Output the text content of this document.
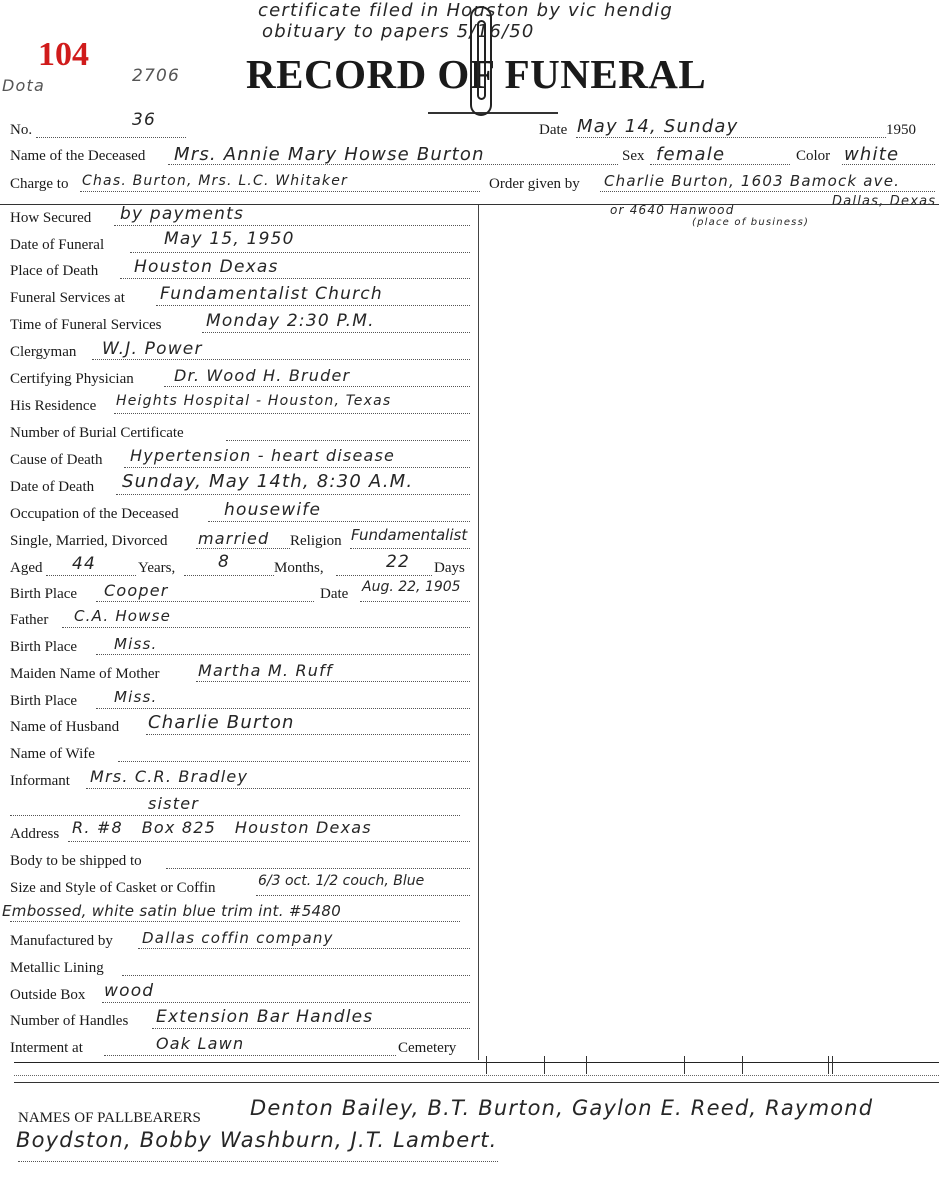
certificate filed in Houston by vic hendig
obituary to papers 5/16/50
104
Dota	2706 RECORD OF FUNERAL
No.	36	Date May 14, Sunday	1950
Name of the Deceased Mrs. Annie Mary Howse Burton	Sex female	Color white
Charge to Chas. Burton, Mrs. L.C. Whitaker	Order given by Charlie Burton, 1603 Bamock ave.
Dallas, Dexas
or 4640 Hanwood
(place of business)
How Secured by payments
Date of Funeral	May 15, 1950
Place of Death Houston Dexas
Funeral Services at Fundamentalist Church
Time of Funeral Services	Monday 2:30 P.M.
Clergyman W.J. Power
Certifying Physician	Dr. Wood H. Bruder
His Residence Heights Hospital - Houston, Texas
Number of Burial Certificate
Cause of Death Hypertension - heart disease
Date of Death Sunday, May 14th, 8:30 A.M.
Occupation of the Deceased	housewife
Single, Married, Divorced married Religion Fundamentalist
Aged 44	Years,	8	Months,	22 Days
Birth Place Cooper	Date Aug. 22, 1905
Father C.A. Howse
Birth Place Miss.
Maiden Name of Mother Martha M. Ruff
Birth Place Miss.
Name of Husband Charlie Burton
Name of Wife
Informant Mrs. C.R. Bradley
sister
Address R. #8   Box 825   Houston Dexas
Body to be shipped to
Size and Style of Casket or Coffin	6/3 oct. 1/2 couch, Blue
Embossed, white satin blue trim int. #5480
Manufactured by Dallas coffin company
Metallic Lining
Outside Box wood
Number of Handles Extension Bar Handles
Interment at	Oak Lawn	Cemetery
NAMES OF PALLBEARERS Denton Bailey, B.T. Burton, Gaylon E. Reed, Raymond
Boydston, Bobby Washburn, J.T. Lambert.
